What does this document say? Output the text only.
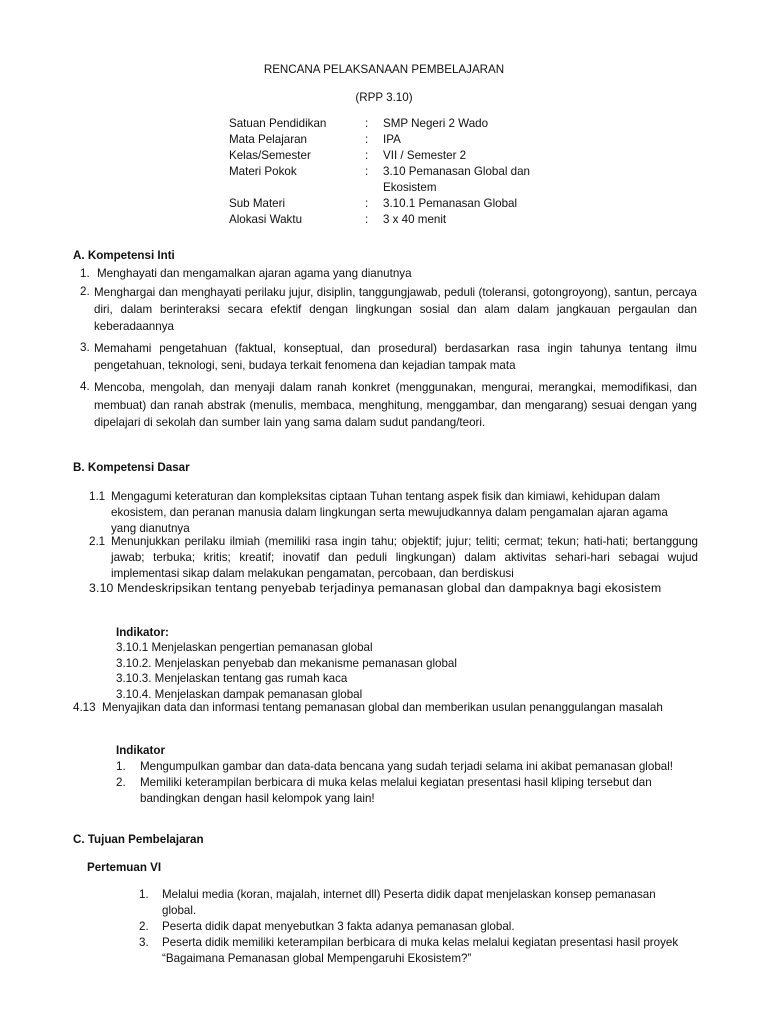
RENCANA PELAKSANAAN PEMBELAJARAN
(RPP 3.10)
Satuan Pendidikan	:	SMP Negeri 2 Wado
Mata Pelajaran	:	IPA
Kelas/Semester	:	VII / Semester 2
Materi Pokok	:	3.10 Pemanasan Global dan Ekosistem
Sub Materi	:	3.10.1 Pemanasan Global
Alokasi Waktu	:	3 x 40 menit
A. Kompetensi Inti
1. Menghayati dan mengamalkan ajaran agama yang dianutnya
2. Menghargai dan menghayati perilaku jujur, disiplin, tanggungjawab, peduli (toleransi, gotongroyong), santun, percaya diri, dalam berinteraksi secara efektif dengan lingkungan sosial dan alam dalam jangkauan pergaulan dan keberadaannya
3. Memahami pengetahuan (faktual, konseptual, dan prosedural) berdasarkan rasa ingin tahunya tentang ilmu pengetahuan, teknologi, seni, budaya terkait fenomena dan kejadian tampak mata
4. Mencoba, mengolah, dan menyaji dalam ranah konkret (menggunakan, mengurai, merangkai, memodifikasi, dan membuat) dan ranah abstrak (menulis, membaca, menghitung, menggambar, dan mengarang) sesuai dengan yang dipelajari di sekolah dan sumber lain yang sama dalam sudut pandang/teori.
B. Kompetensi Dasar
1.1 Mengagumi keteraturan dan kompleksitas ciptaan Tuhan tentang aspek fisik dan kimiawi, kehidupan dalam ekosistem, dan peranan manusia dalam lingkungan serta mewujudkannya dalam pengamalan ajaran agama yang dianutnya
2.1 Menunjukkan perilaku ilmiah (memiliki rasa ingin tahu; objektif; jujur; teliti; cermat; tekun; hati-hati; bertanggung jawab; terbuka; kritis; kreatif; inovatif dan peduli lingkungan) dalam aktivitas sehari-hari sebagai wujud implementasi sikap dalam melakukan pengamatan, percobaan, dan berdiskusi
3.10 Mendeskripsikan tentang penyebab terjadinya pemanasan global dan dampaknya bagi ekosistem
Indikator:
3.10.1 Menjelaskan pengertian pemanasan global
3.10.2. Menjelaskan penyebab dan mekanisme pemanasan global
3.10.3. Menjelaskan tentang gas rumah kaca
3.10.4. Menjelaskan dampak pemanasan global
4.13 Menyajikan data dan informasi tentang pemanasan global dan memberikan usulan penanggulangan masalah
Indikator
1.	Mengumpulkan gambar dan data-data bencana yang sudah terjadi selama ini akibat pemanasan global!
2.	Memiliki keterampilan berbicara di muka kelas melalui kegiatan presentasi hasil kliping tersebut dan bandingkan dengan hasil kelompok yang lain!
C. Tujuan Pembelajaran
Pertemuan VI
1.	Melalui media (koran, majalah, internet dll) Peserta didik dapat menjelaskan konsep pemanasan global.
2.	Peserta didik dapat menyebutkan 3 fakta adanya pemanasan global.
3.	Peserta didik memiliki keterampilan berbicara di muka kelas melalui kegiatan presentasi hasil proyek “Bagaimana Pemanasan global Mempengaruhi Ekosistem?”
